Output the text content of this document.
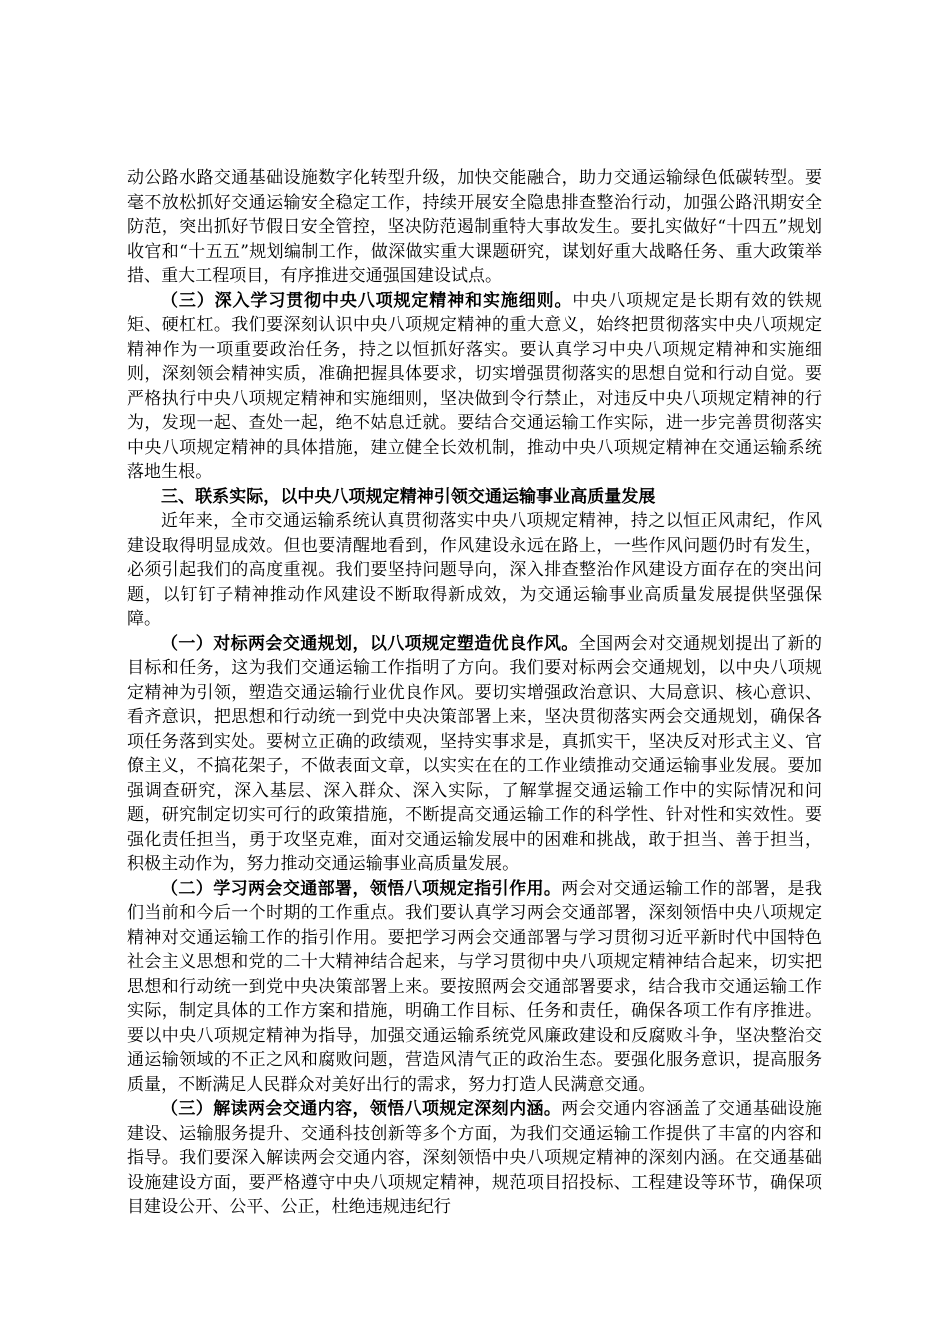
动公路水路交通基础设施数字化转型升级，加快交能融合，助力交通运输绿色低碳转型。要毫不放松抓好交通运输安全稳定工作，持续开展安全隐患排查整治行动，加强公路汛期安全防范，突出抓好节假日安全管控，坚决防范遏制重特大事故发生。要扎实做好“十四五”规划收官和“十五五”规划编制工作，做深做实重大课题研究，谋划好重大战略任务、重大政策举措、重大工程项目，有序推进交通强国建设试点。

（三）深入学习贯彻中央八项规定精神和实施细则。中央八项规定是长期有效的铁规矩、硬杠杠。我们要深刻认识中央八项规定精神的重大意义，始终把贯彻落实中央八项规定精神作为一项重要政治任务，持之以恒抓好落实。要认真学习中央八项规定精神和实施细则，深刻领会精神实质，准确把握具体要求，切实增强贯彻落实的思想自觉和行动自觉。要严格执行中央八项规定精神和实施细则，坚决做到令行禁止，对违反中央八项规定精神的行为，发现一起、查处一起，绝不姑息迁就。要结合交通运输工作实际，进一步完善贯彻落实中央八项规定精神的具体措施，建立健全长效机制，推动中央八项规定精神在交通运输系统落地生根。

三、联系实际，以中央八项规定精神引领交通运输事业高质量发展

近年来，全市交通运输系统认真贯彻落实中央八项规定精神，持之以恒正风肃纪，作风建设取得明显成效。但也要清醒地看到，作风建设永远在路上，一些作风问题仍时有发生，必须引起我们的高度重视。我们要坚持问题导向，深入排查整治作风建设方面存在的突出问题，以钉钉子精神推动作风建设不断取得新成效，为交通运输事业高质量发展提供坚强保障。

（一）对标两会交通规划，以八项规定塑造优良作风。全国两会对交通规划提出了新的目标和任务，这为我们交通运输工作指明了方向。我们要对标两会交通规划，以中央八项规定精神为引领，塑造交通运输行业优良作风。要切实增强政治意识、大局意识、核心意识、看齐意识，把思想和行动统一到党中央决策部署上来，坚决贯彻落实两会交通规划，确保各项任务落到实处。要树立正确的政绩观，坚持实事求是，真抓实干，坚决反对形式主义、官僚主义，不搞花架子，不做表面文章，以实实在在的工作业绩推动交通运输事业发展。要加强调查研究，深入基层、深入群众、深入实际，了解掌握交通运输工作中的实际情况和问题，研究制定切实可行的政策措施，不断提高交通运输工作的科学性、针对性和实效性。要强化责任担当，勇于攻坚克难，面对交通运输发展中的困难和挑战，敢于担当、善于担当，积极主动作为，努力推动交通运输事业高质量发展。

（二）学习两会交通部署，领悟八项规定指引作用。两会对交通运输工作的部署，是我们当前和今后一个时期的工作重点。我们要认真学习两会交通部署，深刻领悟中央八项规定精神对交通运输工作的指引作用。要把学习两会交通部署与学习贯彻习近平新时代中国特色社会主义思想和党的二十大精神结合起来，与学习贯彻中央八项规定精神结合起来，切实把思想和行动统一到党中央决策部署上来。要按照两会交通部署要求，结合我市交通运输工作实际，制定具体的工作方案和措施，明确工作目标、任务和责任，确保各项工作有序推进。要以中央八项规定精神为指导，加强交通运输系统党风廉政建设和反腐败斗争，坚决整治交通运输领域的不正之风和腐败问题，营造风清气正的政治生态。要强化服务意识，提高服务质量，不断满足人民群众对美好出行的需求，努力打造人民满意交通。

（三）解读两会交通内容，领悟八项规定深刻内涵。两会交通内容涵盖了交通基础设施建设、运输服务提升、交通科技创新等多个方面，为我们交通运输工作提供了丰富的内容和指导。我们要深入解读两会交通内容，深刻领悟中央八项规定精神的深刻内涵。在交通基础设施建设方面，要严格遵守中央八项规定精神，规范项目招投标、工程建设等环节，确保项目建设公开、公平、公正，杜绝违规违纪行
